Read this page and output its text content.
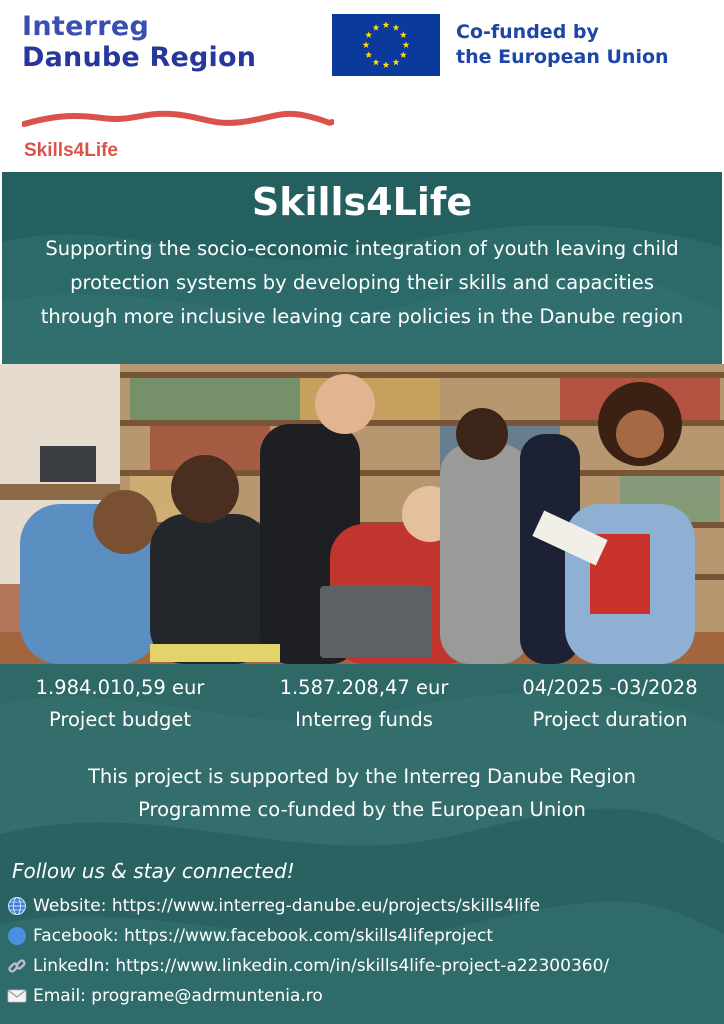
Interreg
Danube Region
Co-funded by
the European Union
Skills4Life
Skills4Life
Supporting the socio-economic integration of youth leaving child protection systems by developing their skills and capacities through more inclusive leaving care policies in the Danube region
1.984.010,59 eur
Project budget
1.587.208,47 eur
Interreg funds
04/2025 -03/2028
Project duration
This project is supported by the Interreg Danube Region Programme co-funded by the European Union
Follow us & stay connected!
Website: https://www.interreg-danube.eu/projects/skills4life
Facebook: https://www.facebook.com/skills4lifeproject
LinkedIn: https://www.linkedin.com/in/skills4life-project-a22300360/
Email: programe@adrmuntenia.ro
